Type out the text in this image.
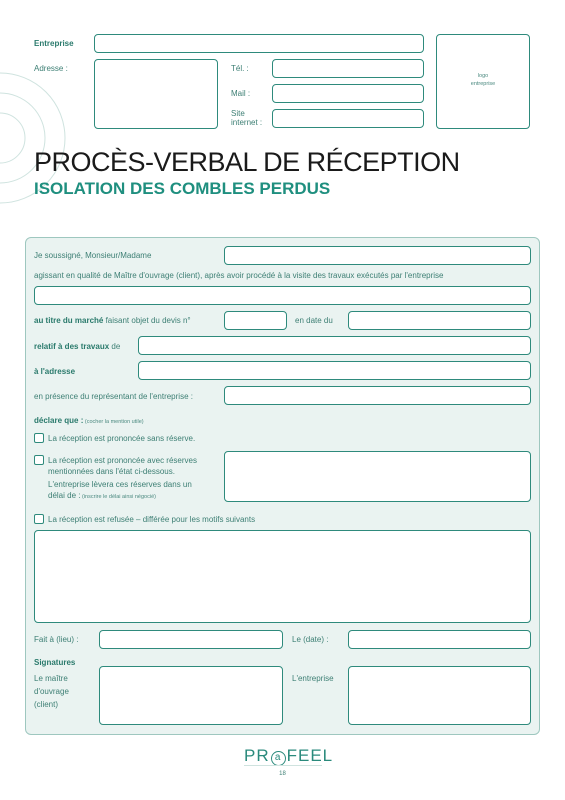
Entreprise
Adresse :	Tél. :
Mail :
Site
internet :
logo
entreprise
PROCÈS-VERBAL DE RÉCEPTION
ISOLATION DES COMBLES PERDUS
Je soussigné, Monsieur/Madame
agissant en qualité de Maître d'ouvrage (client), après avoir procédé à la visite des travaux exécutés par l'entreprise
au titre du marché faisant objet du devis n°	en date du
relatif à des travaux de
à l'adresse
en présence du représentant de l'entreprise :
déclare que : (cocher la mention utile)
La réception est prononcée sans réserve.
La réception est prononcée avec réserves
mentionnées dans l'état ci-dessous.
L'entreprise lèvera ces réserves dans un
délai de : (inscrire le délai ainsi négocié)
La réception est refusée – différée pour les motifs suivants
Fait à (lieu) :	Le (date) :
Signatures
Le maître
d'ouvrage
(client)
L'entreprise
PR a FEEL
18
